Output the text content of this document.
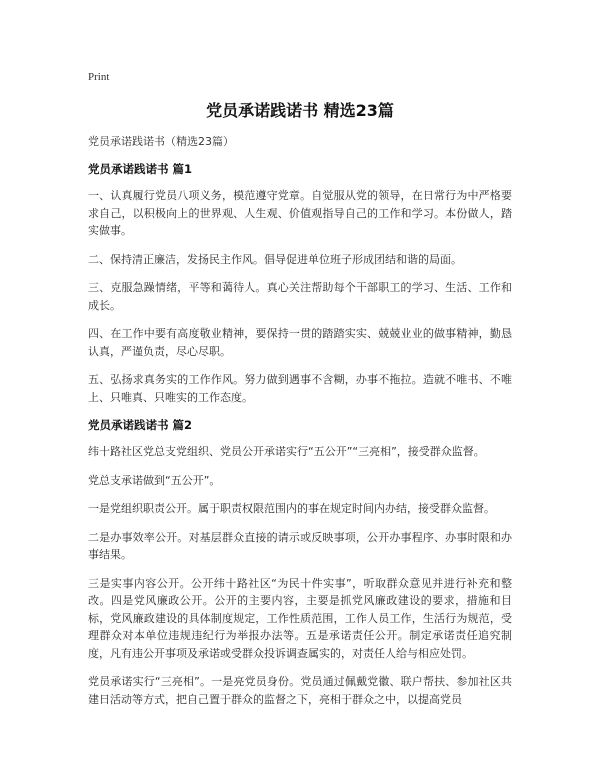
Print
党员承诺践诺书 精选23篇
党员承诺践诺书（精选23篇）
党员承诺践诺书 篇1

一、认真履行党员八项义务，模范遵守党章。自觉服从党的领导，在日常行为中严格要求自己，以积极向上的世界观、人生观、价值观指导自己的工作和学习。本份做人，踏实做事。

二、保持清正廉洁，发扬民主作风。倡导促进单位班子形成团结和谐的局面。

三、克服急躁情绪，平等和蔼待人。真心关注帮助每个干部职工的学习、生活、工作和成长。

四、在工作中要有高度敬业精神，要保持一贯的踏踏实实、兢兢业业的做事精神，勤恳认真，严谨负责，尽心尽职。

五、弘扬求真务实的工作作风。努力做到遇事不含糊，办事不拖拉。造就不唯书、不唯上、只唯真、只唯实的工作态度。

党员承诺践诺书 篇2

纬十路社区党总支党组织、党员公开承诺实行“五公开”“三亮相”，接受群众监督。

党总支承诺做到“五公开”。

一是党组织职责公开。属于职责权限范围内的事在规定时间内办结，接受群众监督。

二是办事效率公开。对基层群众直接的请示或反映事项，公开办事程序、办事时限和办事结果。

三是实事内容公开。公开纬十路社区“为民十件实事”，听取群众意见并进行补充和整改。四是党风廉政公开。公开的主要内容，主要是抓党风廉政建设的要求，措施和目标，党风廉政建设的具体制度规定，工作性质范围，工作人员工作，生活行为规范，受理群众对本单位违规违纪行为举报办法等。五是承诺责任公开。制定承诺责任追究制度，凡有违公开事项及承诺或受群众投诉调查属实的，对责任人给与相应处罚。

党员承诺实行“三亮相”。一是亮党员身份。党员通过佩戴党徽、联户帮扶、参加社区共建日活动等方式，把自己置于群众的监督之下，亮相于群众之中，以提高党员
